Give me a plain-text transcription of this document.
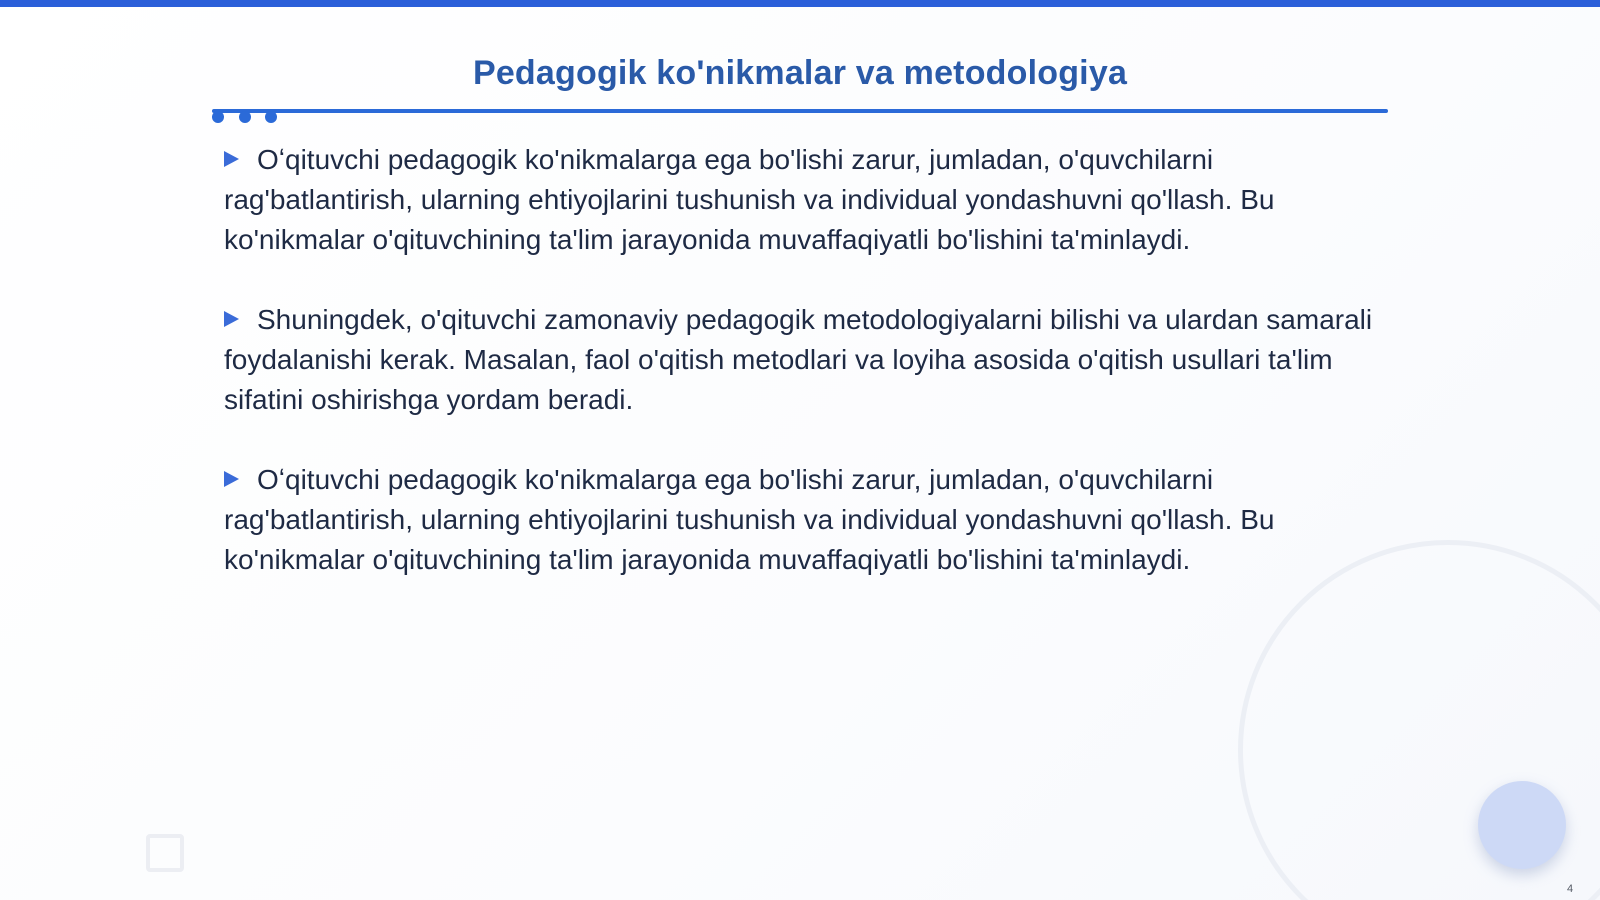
Pedagogik ko'nikmalar va metodologiya

Oʻqituvchi pedagogik ko'nikmalarga ega bo'lishi zarur, jumladan, o'quvchilarni rag'batlantirish, ularning ehtiyojlarini tushunish va individual yondashuvni qo'llash. Bu ko'nikmalar o'qituvchining ta'lim jarayonida muvaffaqiyatli bo'lishini ta'minlaydi.

Shuningdek, o'qituvchi zamonaviy pedagogik metodologiyalarni bilishi va ulardan samarali foydalanishi kerak. Masalan, faol o'qitish metodlari va loyiha asosida o'qitish usullari ta'lim sifatini oshirishga yordam beradi.

Oʻqituvchi pedagogik ko'nikmalarga ega bo'lishi zarur, jumladan, o'quvchilarni rag'batlantirish, ularning ehtiyojlarini tushunish va individual yondashuvni qo'llash. Bu ko'nikmalar o'qituvchining ta'lim jarayonida muvaffaqiyatli bo'lishini ta'minlaydi.

4
